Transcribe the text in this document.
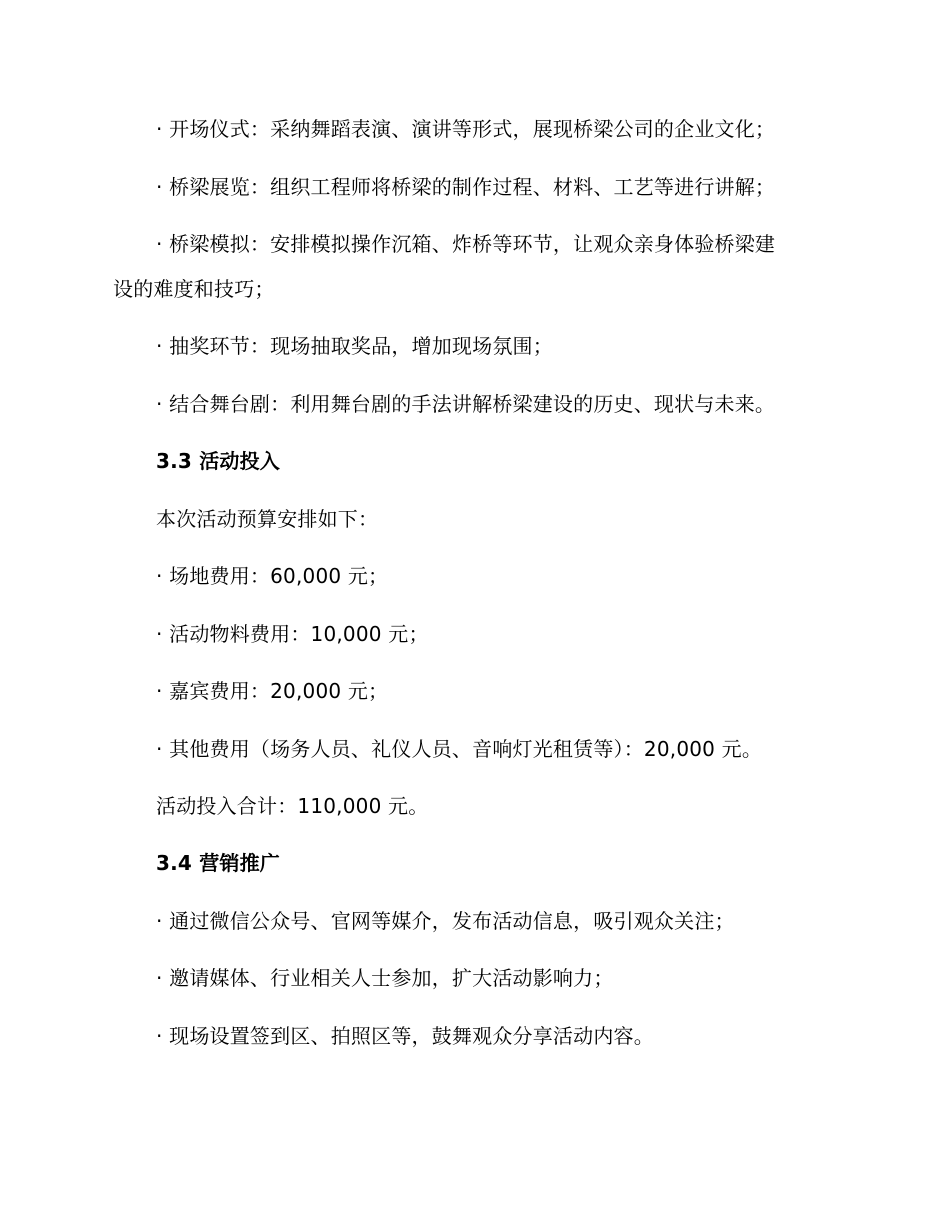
· 开场仪式：采纳舞蹈表演、演讲等形式，展现桥梁公司的企业文化；
· 桥梁展览：组织工程师将桥梁的制作过程、材料、工艺等进行讲解；
· 桥梁模拟：安排模拟操作沉箱、炸桥等环节，让观众亲身体验桥梁建
设的难度和技巧；
· 抽奖环节：现场抽取奖品，增加现场氛围；
· 结合舞台剧：利用舞台剧的手法讲解桥梁建设的历史、现状与未来。
3.3 活动投入
本次活动预算安排如下：
· 场地费用：60,000 元；
· 活动物料费用：10,000 元；
· 嘉宾费用：20,000 元；
· 其他费用（场务人员、礼仪人员、音响灯光租赁等）：20,000 元。
活动投入合计：110,000 元。
3.4 营销推广
· 通过微信公众号、官网等媒介，发布活动信息，吸引观众关注；
· 邀请媒体、行业相关人士参加，扩大活动影响力；
· 现场设置签到区、拍照区等，鼓舞观众分享活动内容。
